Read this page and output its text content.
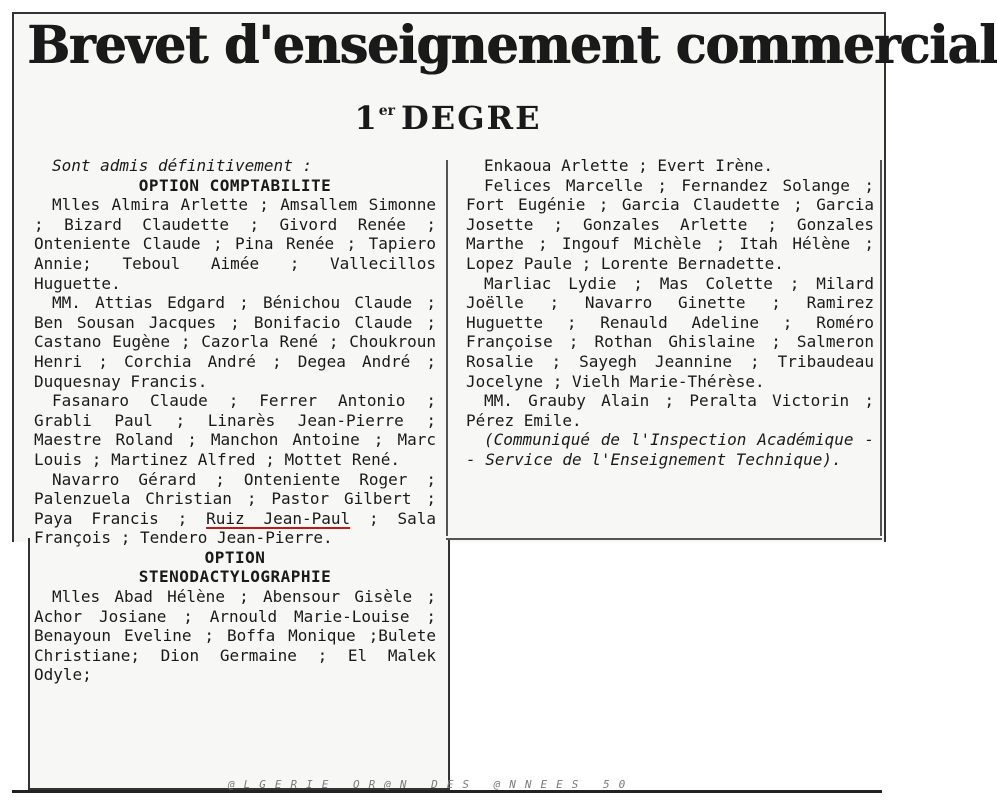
Brevet d'enseignement commercial
1er DEGRE

Sont admis définitivement :

OPTION COMPTABILITE

Mlles Almira Arlette ; Amsallem Simonne ; Bizard Claudette ; Givord Renée ; Onteniente Claude ; Pina Renée ; Tapiero Annie; Teboul Aimée ; Vallecillos Huguette.

MM. Attias Edgard ; Bénichou Claude ; Ben Sousan Jacques ; Bonifacio Claude ; Castano Eugène ; Cazorla René ; Choukroun Henri ; Corchia André ; Degea André ; Duquesnay Francis.

Fasanaro Claude ; Ferrer Antonio ; Grabli Paul ; Linarès Jean-Pierre ; Maestre Roland ; Manchon Antoine ; Marc Louis ; Martinez Alfred ; Mottet René.

Navarro Gérard ; Onteniente Roger ; Palenzuela Christian ; Pastor Gilbert ; Paya Francis ; Ruiz Jean-Paul ; Sala François ; Tendero Jean-Pierre.

OPTION

STENODACTYLOGRAPHIE

Mlles Abad Hélène ; Abensour Gisèle ; Achor Josiane ; Arnould Marie-Louise ; Benayoun Eveline ; Boffa Monique ;Bulete Christiane; Dion Germaine ; El Malek Odyle;

Enkaoua Arlette ; Evert Irène.

Felices Marcelle ; Fernandez Solange ; Fort Eugénie ; Garcia Claudette ; Garcia Josette ; Gonzales Arlette ; Gonzales Marthe ; Ingouf Michèle ; Itah Hélène ; Lopez Paule ; Lorente Bernadette.

Marliac Lydie ; Mas Colette ; Milard Joëlle ; Navarro Ginette ; Ramirez Huguette ; Renauld Adeline ; Roméro Françoise ; Rothan Ghislaine ; Salmeron Rosalie ; Sayegh Jeannine ; Tribaudeau Jocelyne ; Vielh Marie-Thérèse.

MM. Grauby Alain ; Peralta Victorin ; Pérez Emile.

(Communiqué de l'Inspection Académique -- Service de l'Enseignement Technique).

@LGERIE OR@N DES @NNEES 50
